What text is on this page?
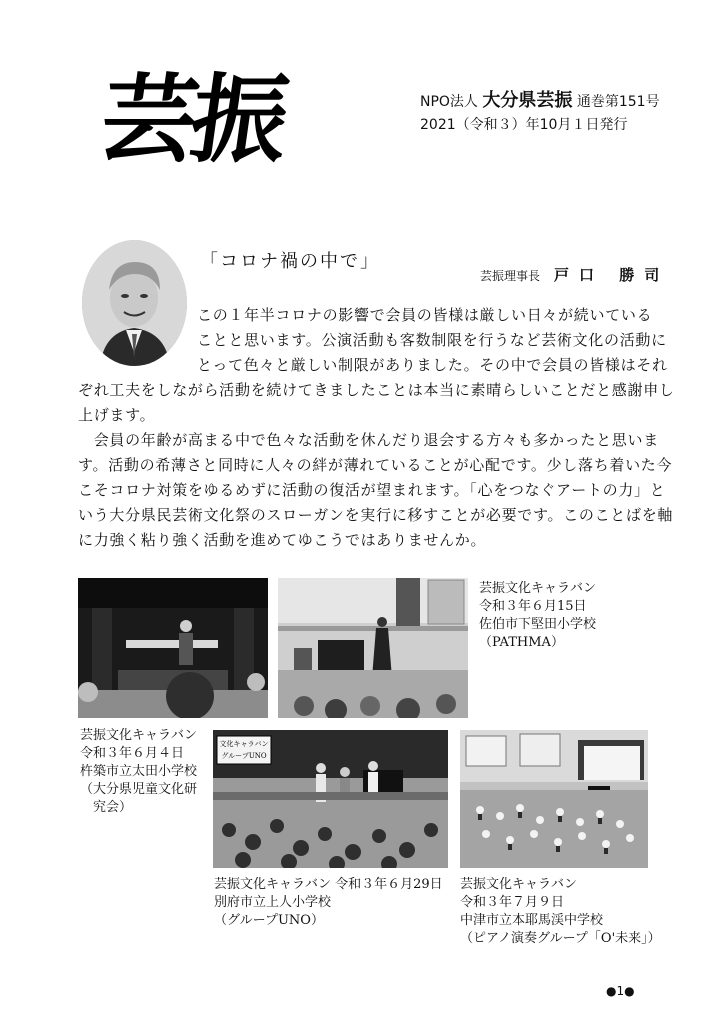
芸振	NPO法人 大分県芸振 通巻第151号
2021（令和３）年10月１日発行
「コロナ禍の中で」
芸振理事長 戸口 勝司
この１年半コロナの影響で会員の皆様は厳しい日々が続いている
ことと思います。公演活動も客数制限を行うなど芸術文化の活動に
とって色々と厳しい制限がありました。その中で会員の皆様はそれ
ぞれ工夫をしながら活動を続けてきましたことは本当に素晴らしいことだと感謝申し
上げます。
　会員の年齢が高まる中で色々な活動を休んだり退会する方々も多かったと思いま
す。活動の希薄さと同時に人々の絆が薄れていることが心配です。少し落ち着いた今
こそコロナ対策をゆるめずに活動の復活が望まれます。「心をつなぐアートの力」と
いう大分県民芸術文化祭のスローガンを実行に移すことが必要です。このことばを軸
に力強く粘り強く活動を進めてゆこうではありませんか。
芸振文化キャラバン
令和３年６月15日
佐伯市下堅田小学校
（PATHMA）
芸振文化キャラバン
令和３年６月４日
杵築市立太田小学校
（大分県児童文化研
　究会）
文化キャラバン
グループUNO
芸振文化キャラバン 令和３年６月29日
別府市立上人小学校
（グループUNO）
芸振文化キャラバン
令和３年７月９日
中津市立本耶馬渓中学校
（ピアノ演奏グループ「O'未来」）
●1●
